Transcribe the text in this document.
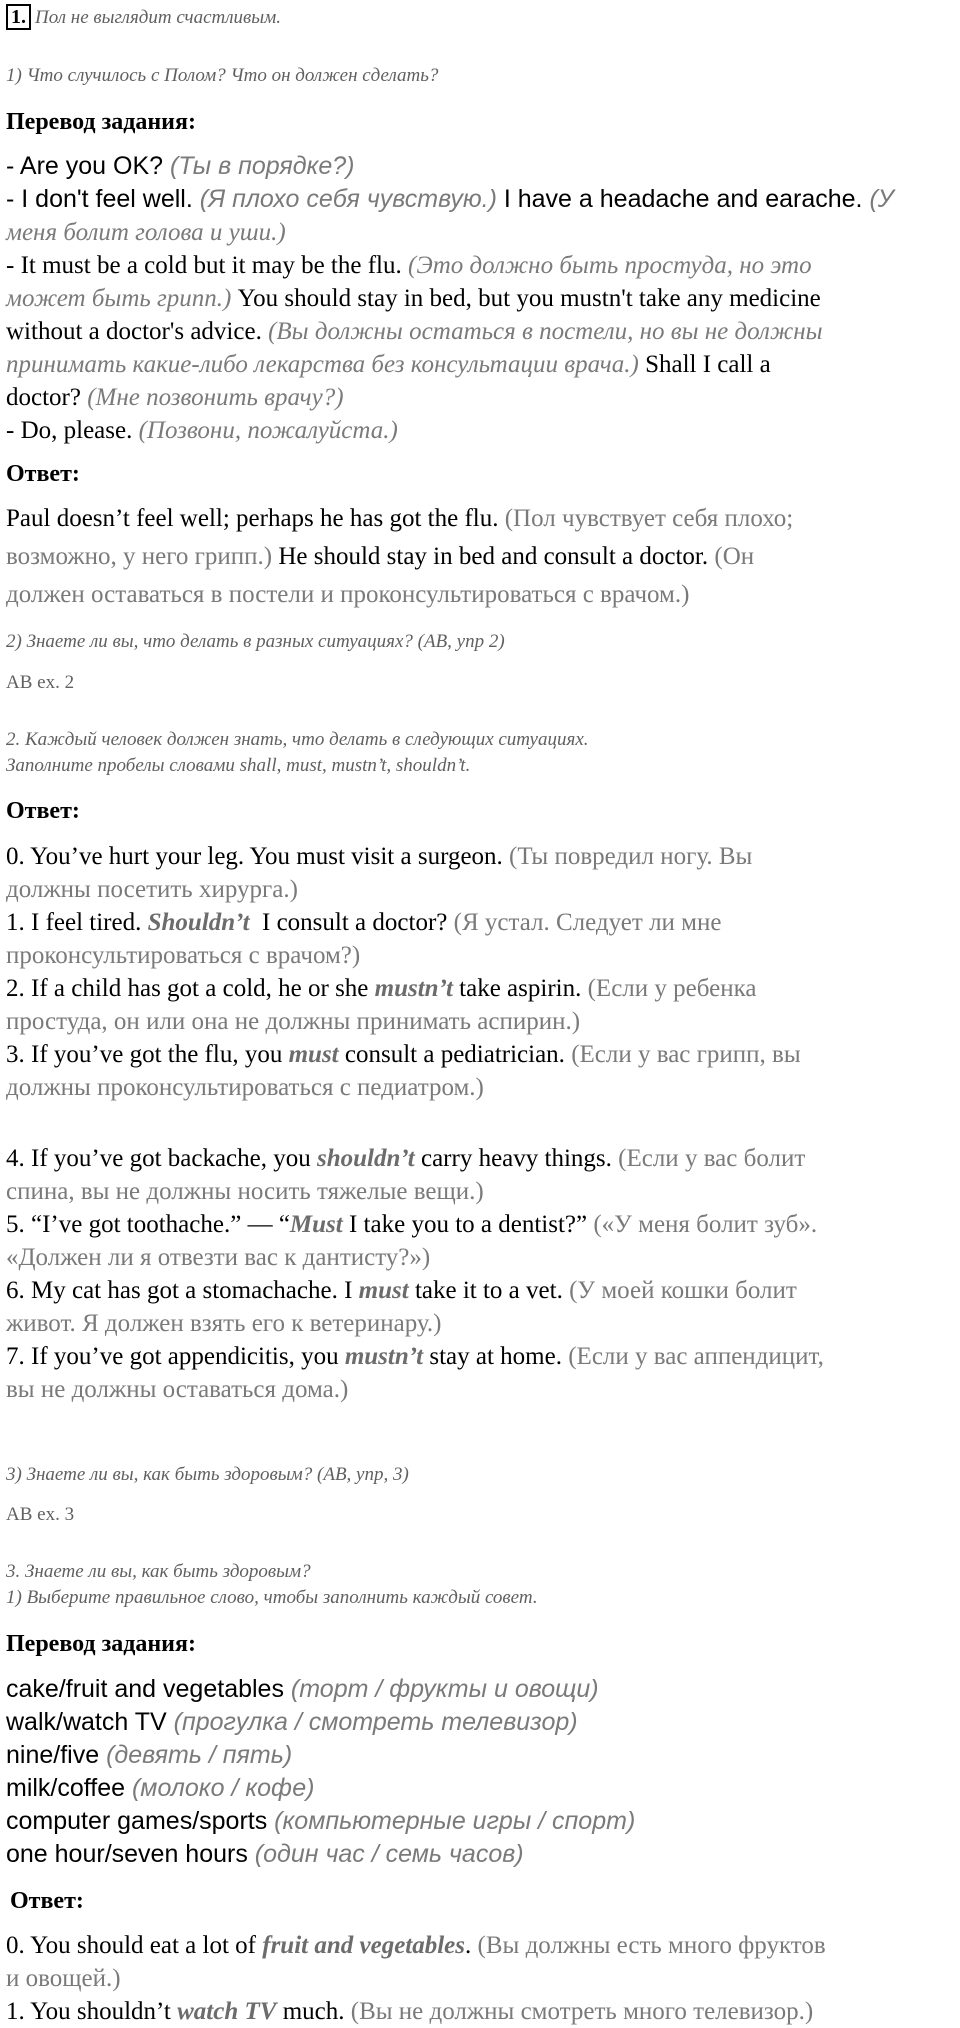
1. Пол не выглядит счастливым.
1) Что случилось с Полом? Что он должен сделать?
Перевод задания:
- Are you OK? (Ты в порядке?)
- I don't feel well. (Я плохо себя чувствую.) I have a headache and earache. (У
меня болит голова и уши.)
- It must be a cold but it may be the flu. (Это должно быть простуда, но это
может быть грипп.) You should stay in bed, but you mustn't take any medicine
without a doctor's advice. (Вы должны остаться в постели, но вы не должны
принимать какие-либо лекарства без консультации врача.) Shall I call a
doctor? (Мне позвонить врачу?)
- Do, please. (Позвони, пожалуйста.)
Ответ:
Paul doesn’t feel well; perhaps he has got the flu. (Пол чувствует себя плохо;
возможно, у него грипп.) He should stay in bed and consult a doctor. (Он
должен оставаться в постели и проконсультироваться с врачом.)
2) Знаете ли вы, что делать в разных ситуациях? (AB, упр 2)
AB ex. 2
2. Каждый человек должен знать, что делать в следующих ситуациях.
Заполните пробелы словами shall, must, mustn’t, shouldn’t.
Ответ:
0. You’ve hurt your leg. You must visit a surgeon. (Ты повредил ногу. Вы
должны посетить хирурга.)
1. I feel tired. Shouldn’t I consult a doctor? (Я устал. Следует ли мне
проконсультироваться с врачом?)
2. If a child has got a cold, he or she mustn’t take aspirin. (Если у ребенка
простуда, он или она не должны принимать аспирин.)
3. If you’ve got the flu, you must consult a pediatrician. (Если у вас грипп, вы
должны проконсультироваться с педиатром.)
4. If you’ve got backache, you shouldn’t carry heavy things. (Если у вас болит
спина, вы не должны носить тяжелые вещи.)
5. “I’ve got toothache.” — “Must I take you to a dentist?” («У меня болит зуб».
«Должен ли я отвезти вас к дантисту?»)
6. My cat has got a stomachache. I must take it to a vet. (У моей кошки болит
живот. Я должен взять его к ветеринару.)
7. If you’ve got appendicitis, you mustn’t stay at home. (Если у вас аппендицит,
вы не должны оставаться дома.)
3) Знаете ли вы, как быть здоровым? (AB, упр, 3)
AB ex. 3
3. Знаете ли вы, как быть здоровым?
1) Выберите правильное слово, чтобы заполнить каждый совет.
Перевод задания:
cake/fruit and vegetables (торт / фрукты и овощи)
walk/watch TV (прогулка / смотреть телевизор)
nine/five (девять / пять)
milk/coffee (молоко / кофе)
computer games/sports (компьютерные игры / спорт)
one hour/seven hours (один час / семь часов)
Ответ:
0. You should eat a lot of fruit and vegetables. (Вы должны есть много фруктов
и овощей.)
1. You shouldn’t watch TV much. (Вы не должны смотреть много телевизор.)
